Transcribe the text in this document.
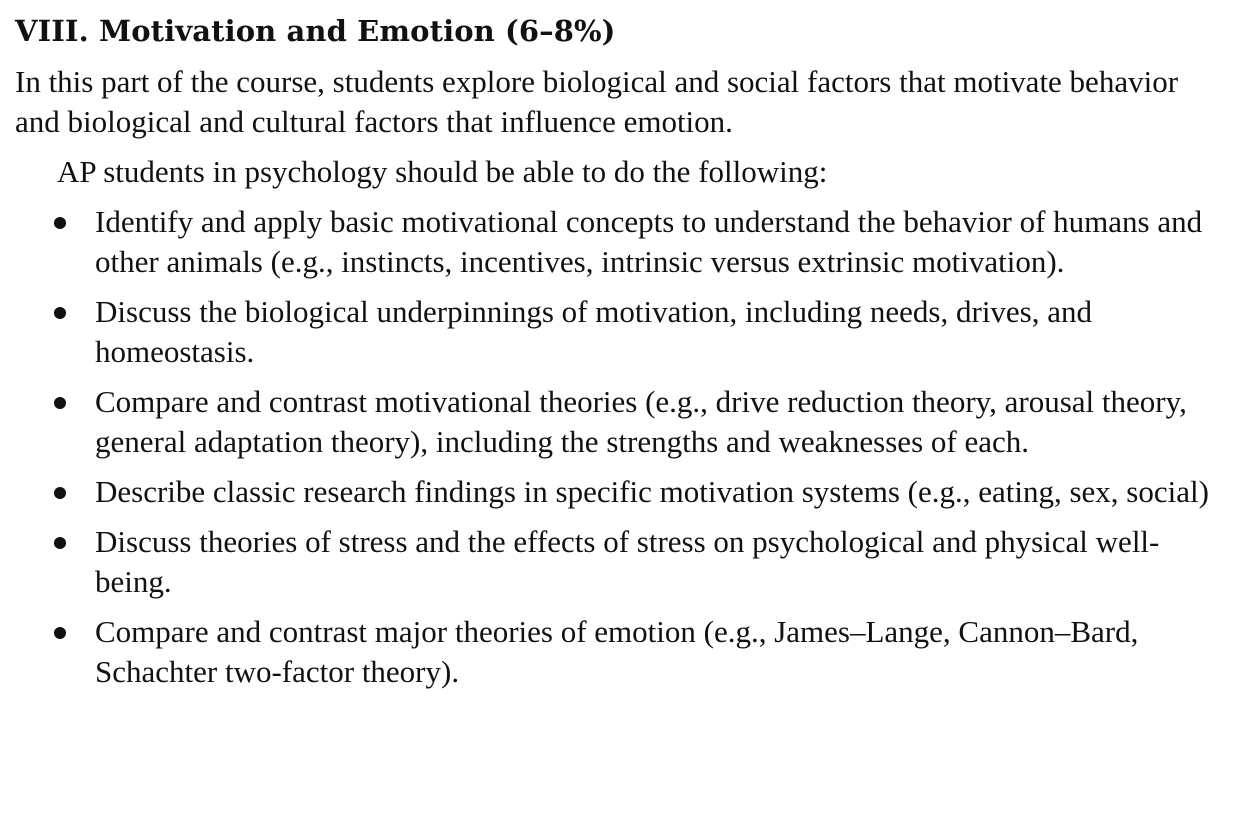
VIII. Motivation and Emotion (6–8%)

In this part of the course, students explore biological and social factors that motivate behavior and biological and cultural factors that influence emotion.

AP students in psychology should be able to do the following:

Identify and apply basic motivational concepts to understand the behavior of humans and other animals (e.g., instincts, incentives, intrinsic versus extrinsic motivation).
Discuss the biological underpinnings of motivation, including needs, drives, and homeostasis.
Compare and contrast motivational theories (e.g., drive reduction theory, arousal theory, general adaptation theory), including the strengths and weaknesses of each.
Describe classic research findings in specific motivation systems (e.g., eating, sex, social)
Discuss theories of stress and the effects of stress on psychological and physical well-being.
Compare and contrast major theories of emotion (e.g., James–Lange, Cannon–Bard, Schachter two-factor theory).
